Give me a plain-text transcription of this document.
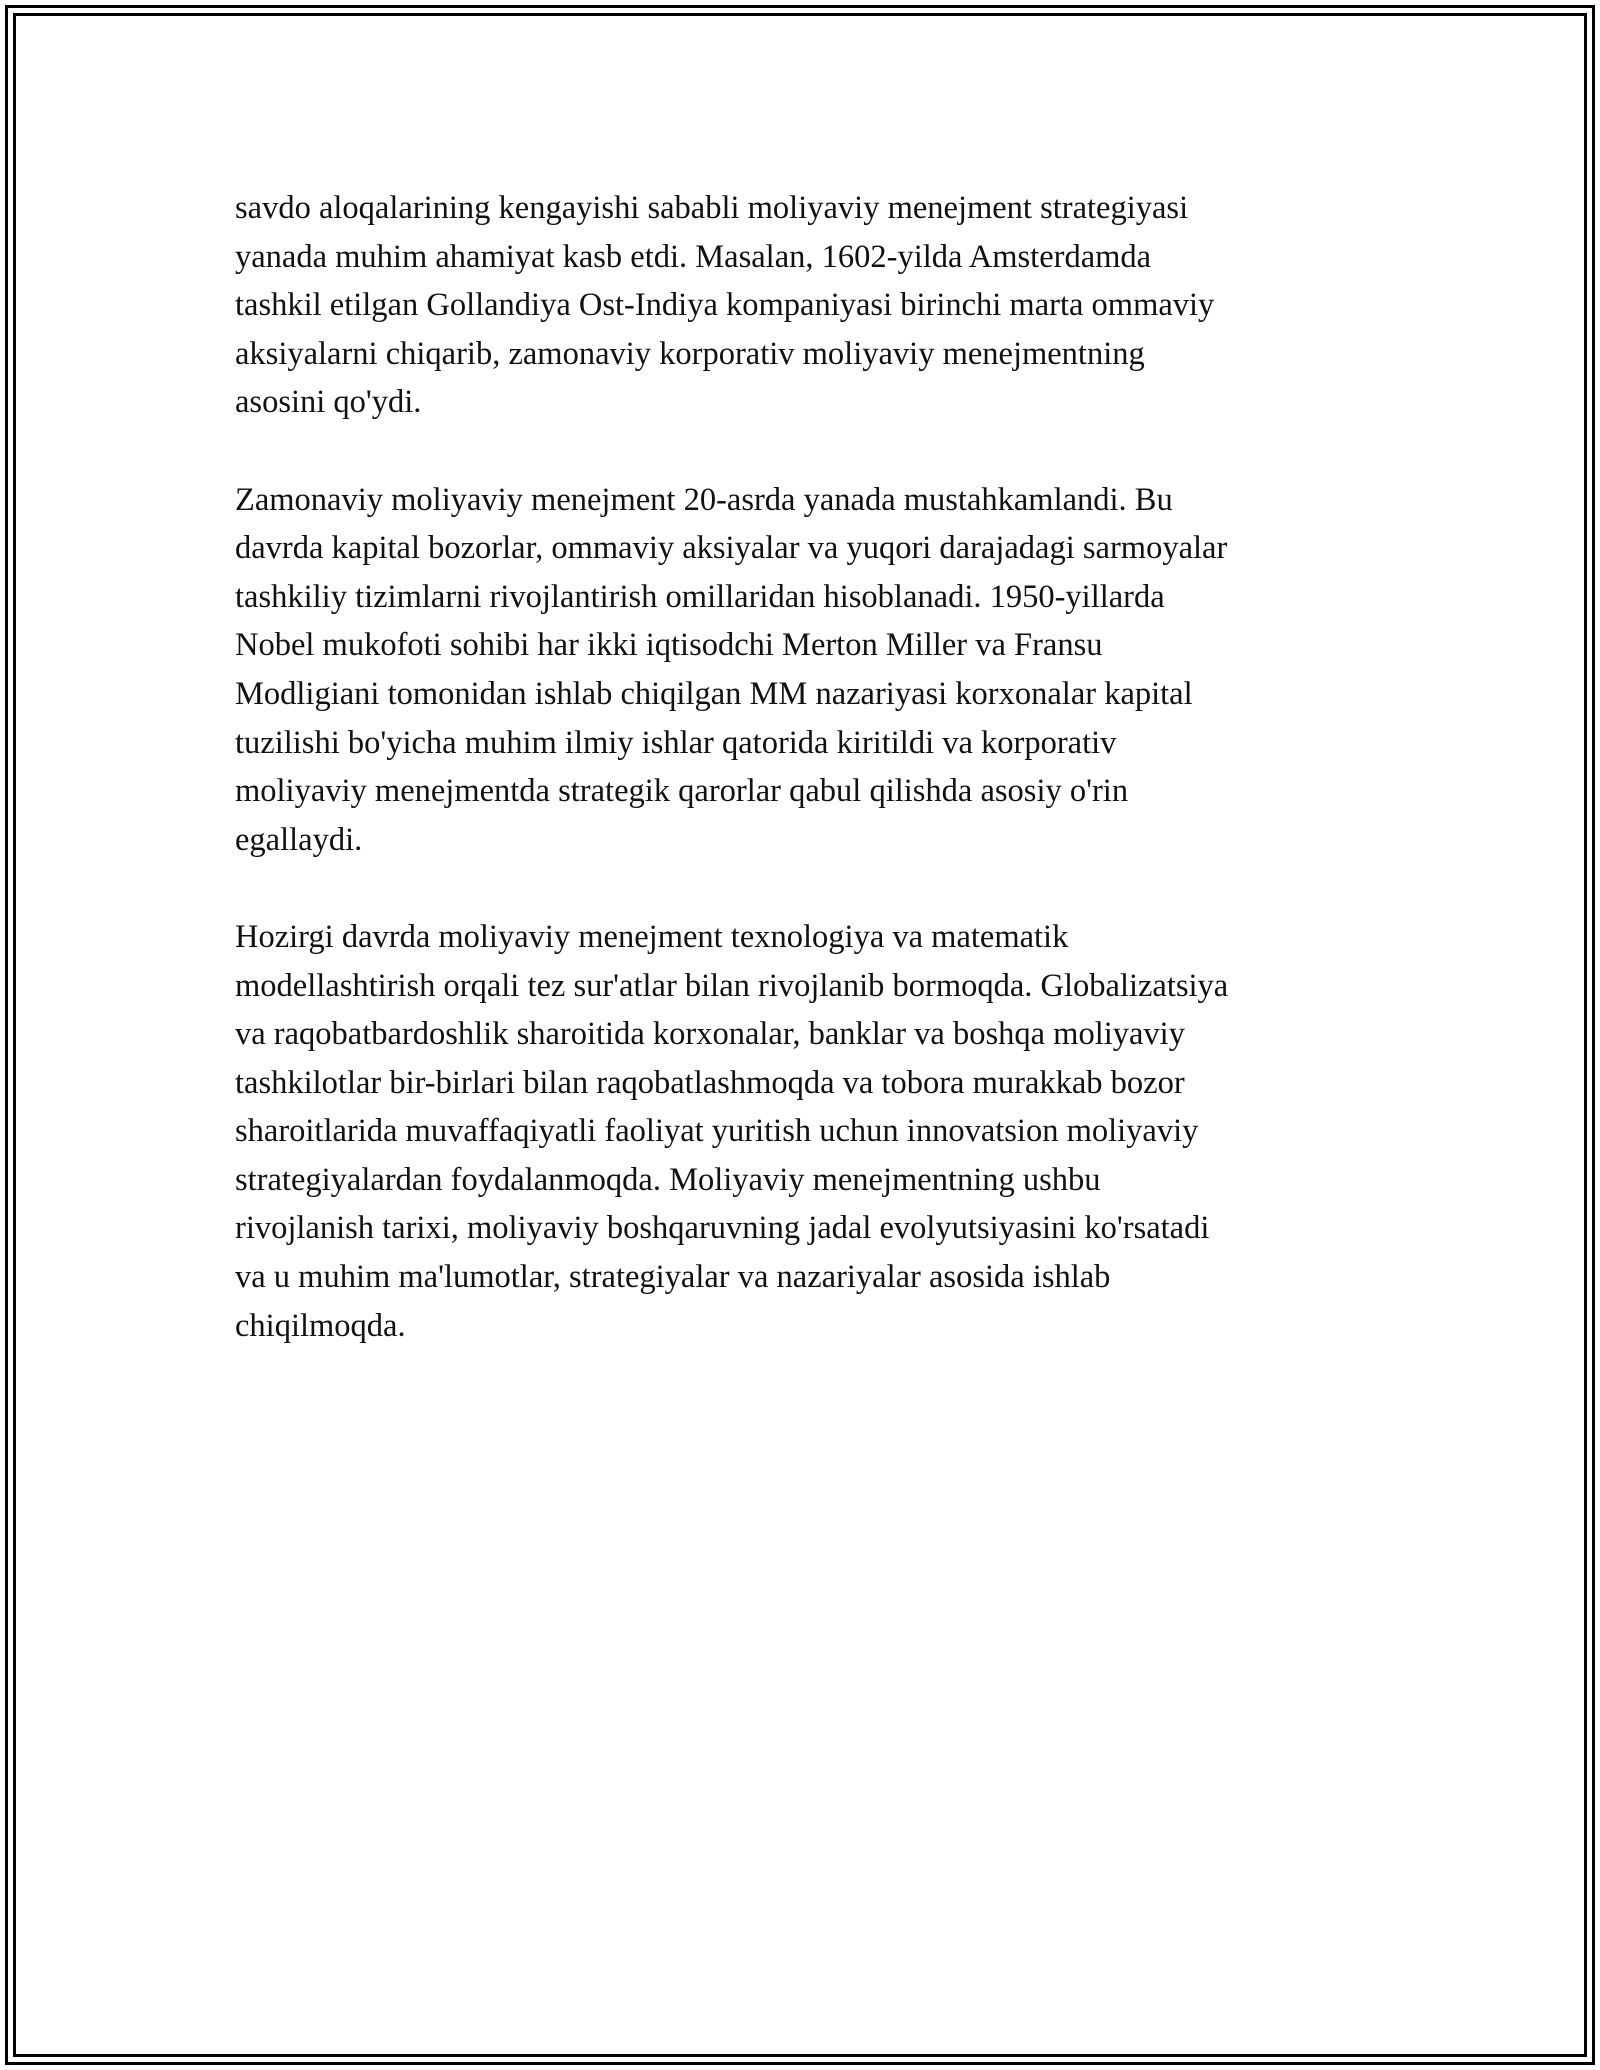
savdo aloqalarining kengayishi sababli moliyaviy menejment strategiyasi
yanada muhim ahamiyat kasb etdi. Masalan, 1602-yilda Amsterdamda
tashkil etilgan Gollandiya Ost-Indiya kompaniyasi birinchi marta ommaviy
aksiyalarni chiqarib, zamonaviy korporativ moliyaviy menejmentning
asosini qo'ydi.

Zamonaviy moliyaviy menejment 20-asrda yanada mustahkamlandi. Bu
davrda kapital bozorlar, ommaviy aksiyalar va yuqori darajadagi sarmoyalar
tashkiliy tizimlarni rivojlantirish omillaridan hisoblanadi. 1950-yillarda
Nobel mukofoti sohibi har ikki iqtisodchi Merton Miller va Fransu
Modligiani tomonidan ishlab chiqilgan MM nazariyasi korxonalar kapital
tuzilishi bo'yicha muhim ilmiy ishlar qatorida kiritildi va korporativ
moliyaviy menejmentda strategik qarorlar qabul qilishda asosiy o'rin
egallaydi.

Hozirgi davrda moliyaviy menejment texnologiya va matematik
modellashtirish orqali tez sur'atlar bilan rivojlanib bormoqda. Globalizatsiya
va raqobatbardoshlik sharoitida korxonalar, banklar va boshqa moliyaviy
tashkilotlar bir-birlari bilan raqobatlashmoqda va tobora murakkab bozor
sharoitlarida muvaffaqiyatli faoliyat yuritish uchun innovatsion moliyaviy
strategiyalardan foydalanmoqda. Moliyaviy menejmentning ushbu
rivojlanish tarixi, moliyaviy boshqaruvning jadal evolyutsiyasini ko'rsatadi
va u muhim ma'lumotlar, strategiyalar va nazariyalar asosida ishlab
chiqilmoqda.
